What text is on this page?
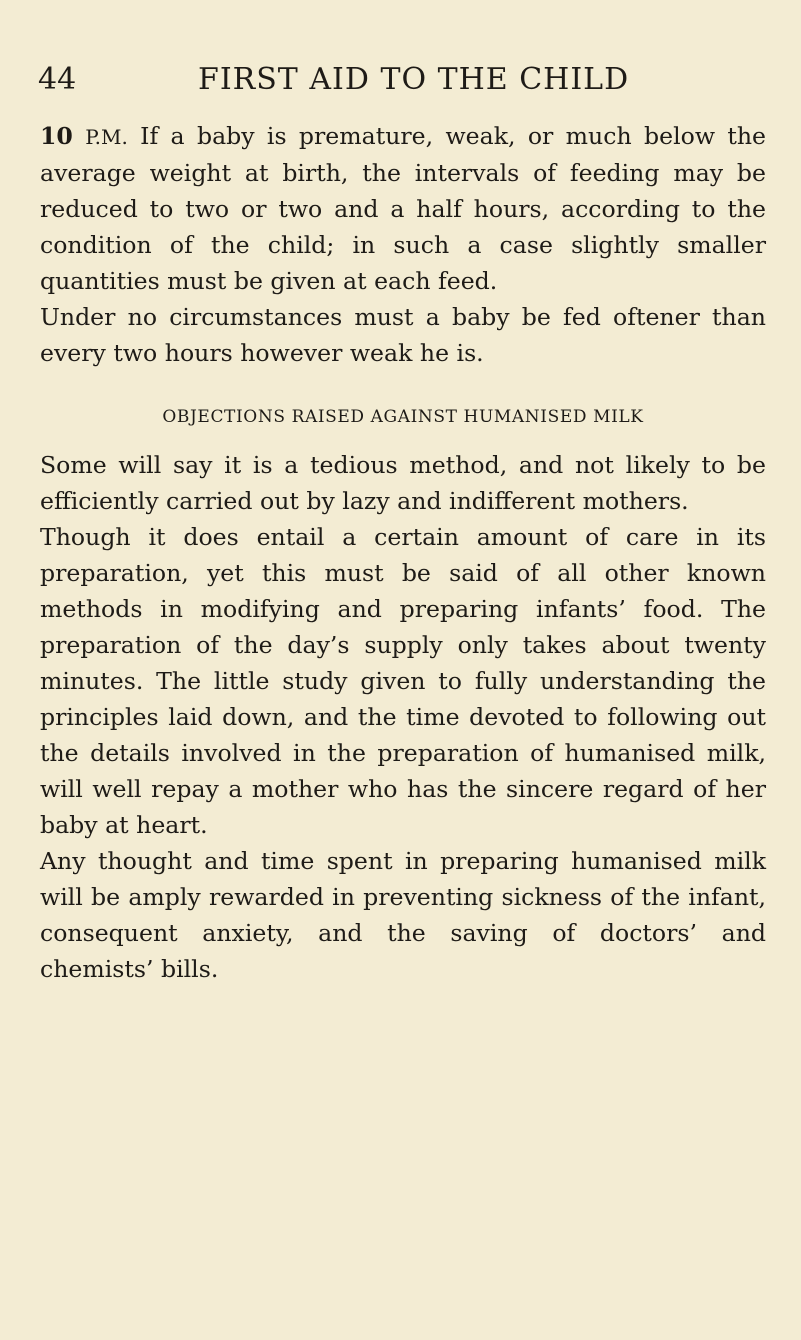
44	FIRST AID TO THE CHILD

10 P.M. If a baby is premature, weak, or much below the average weight at birth, the intervals of feeding may be reduced to two or two and a half hours, according to the condition of the child; in such a case slightly smaller quantities must be given at each feed.

Under no circumstances must a baby be fed oftener than every two hours however weak he is.

OBJECTIONS RAISED AGAINST HUMANISED MILK

Some will say it is a tedious method, and not likely to be efficiently carried out by lazy and indifferent mothers.

Though it does entail a certain amount of care in its preparation, yet this must be said of all other known methods in modifying and preparing infants’ food. The preparation of the day’s supply only takes about twenty minutes. The little study given to fully understanding the principles laid down, and the time devoted to following out the details involved in the preparation of humanised milk, will well repay a mother who has the sincere regard of her baby at heart.

Any thought and time spent in preparing humanised milk will be amply rewarded in preventing sickness of the infant, consequent anxiety, and the saving of doctors’ and chemists’ bills.
